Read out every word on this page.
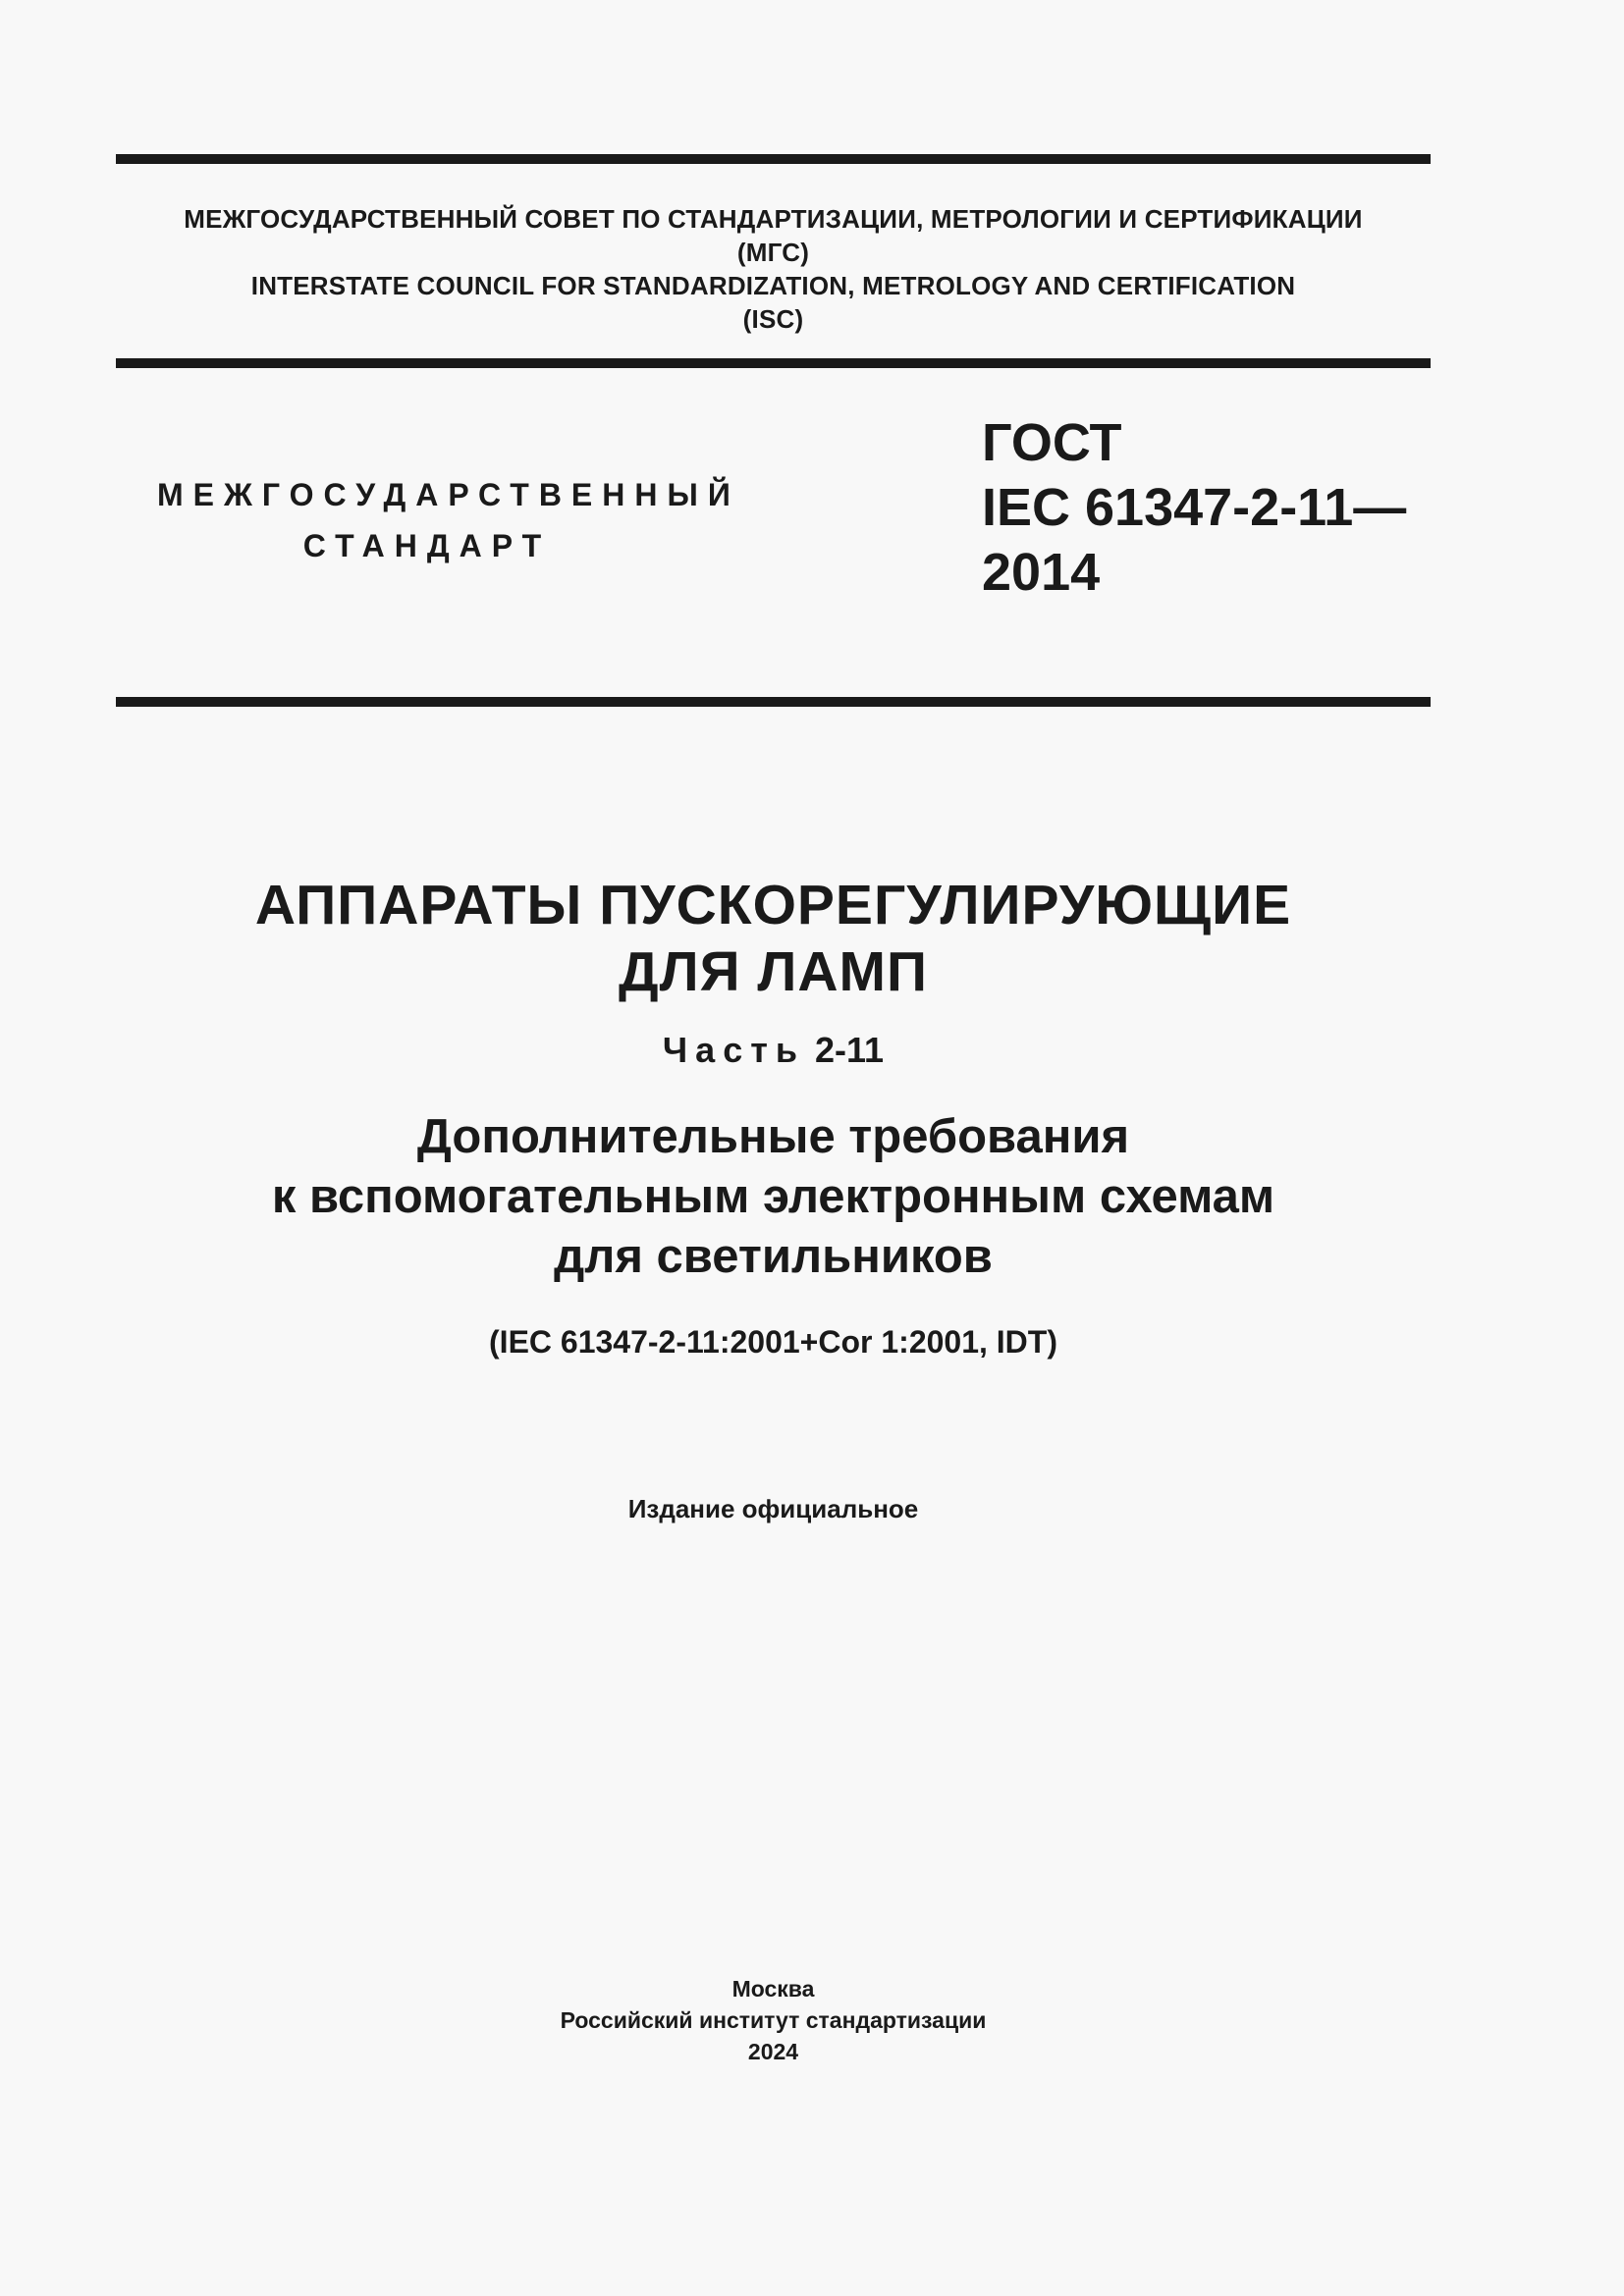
МЕЖГОСУДАРСТВЕННЫЙ СОВЕТ ПО СТАНДАРТИЗАЦИИ, МЕТРОЛОГИИ И СЕРТИФИКАЦИИ
(МГС)
INTERSTATE COUNCIL FOR STANDARDIZATION, METROLOGY AND CERTIFICATION
(ISC)
МЕЖГОСУДАРСТВЕННЫЙ
СТАНДАРТ
ГОСТ
IEC 61347-2-11—
2014
АППАРАТЫ ПУСКОРЕГУЛИРУЮЩИЕ
ДЛЯ ЛАМП
Часть 2-11
Дополнительные требования
к вспомогательным электронным схемам
для светильников
(IEC 61347-2-11:2001+Cor 1:2001, IDT)
Издание официальное
Москва
Российский институт стандартизации
2024
